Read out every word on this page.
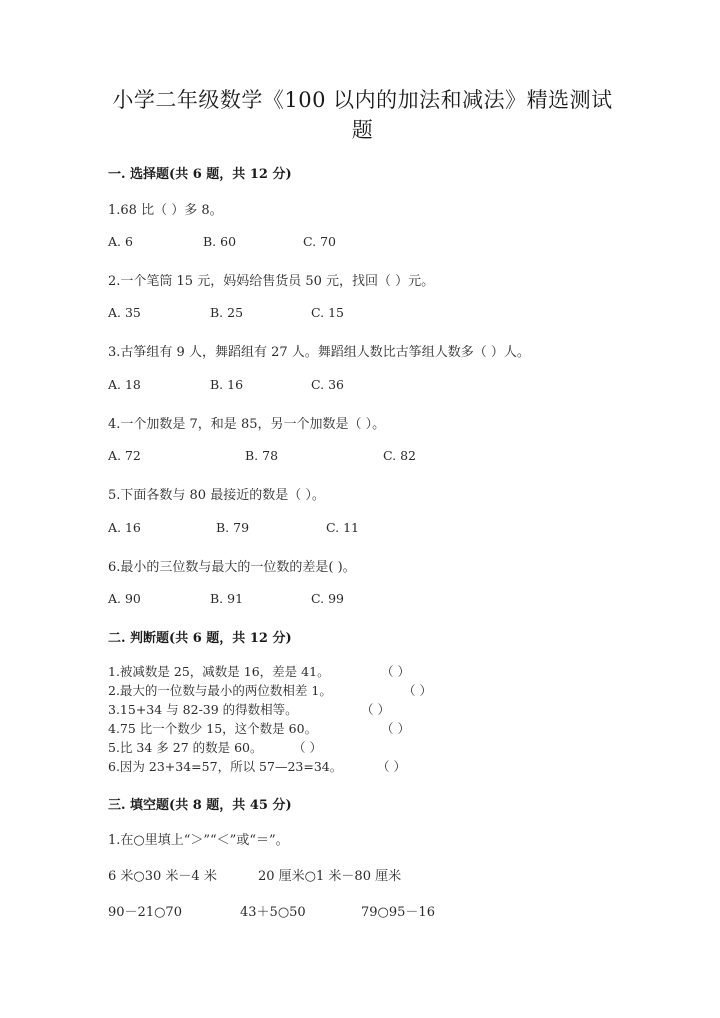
小学二年级数学《100 以内的加法和减法》精选测试
题
一. 选择题(共 6 题，共 12 分)
1.68 比（ ）多 8。
A. 6	B. 60	C. 70
2.一个笔筒 15 元，妈妈给售货员 50 元，找回（ ）元。
A. 35	B. 25	C. 15
3.古筝组有 9 人，舞蹈组有 27 人。舞蹈组人数比古筝组人数多（ ）人。
A. 18	B. 16	C. 36
4.一个加数是 7，和是 85，另一个加数是（ ）。
A. 72	B. 78	C. 82
5.下面各数与 80 最接近的数是（ ）。
A. 16	B. 79	C. 11
6.最小的三位数与最大的一位数的差是( )。
A. 90	B. 91	C. 99
二. 判断题(共 6 题，共 12 分)
1.被减数是 25，减数是 16，差是 41。	（ ）
2.最大的一位数与最小的两位数相差 1。	（ ）
3.15+34 与 82-39 的得数相等。	（ ）
4.75 比一个数少 15，这个数是 60。	（ ）
5.比 34 多 27 的数是 60。 （ ）
6.因为 23+34=57，所以 57—23=34。	（ ）
三. 填空题(共 8 题，共 45 分)
1.在○里填上“＞”“＜”或“＝”。
6 米○30 米－4 米	20 厘米○1 米－80 厘米
90－21○70	43＋5○50	79○95－16
